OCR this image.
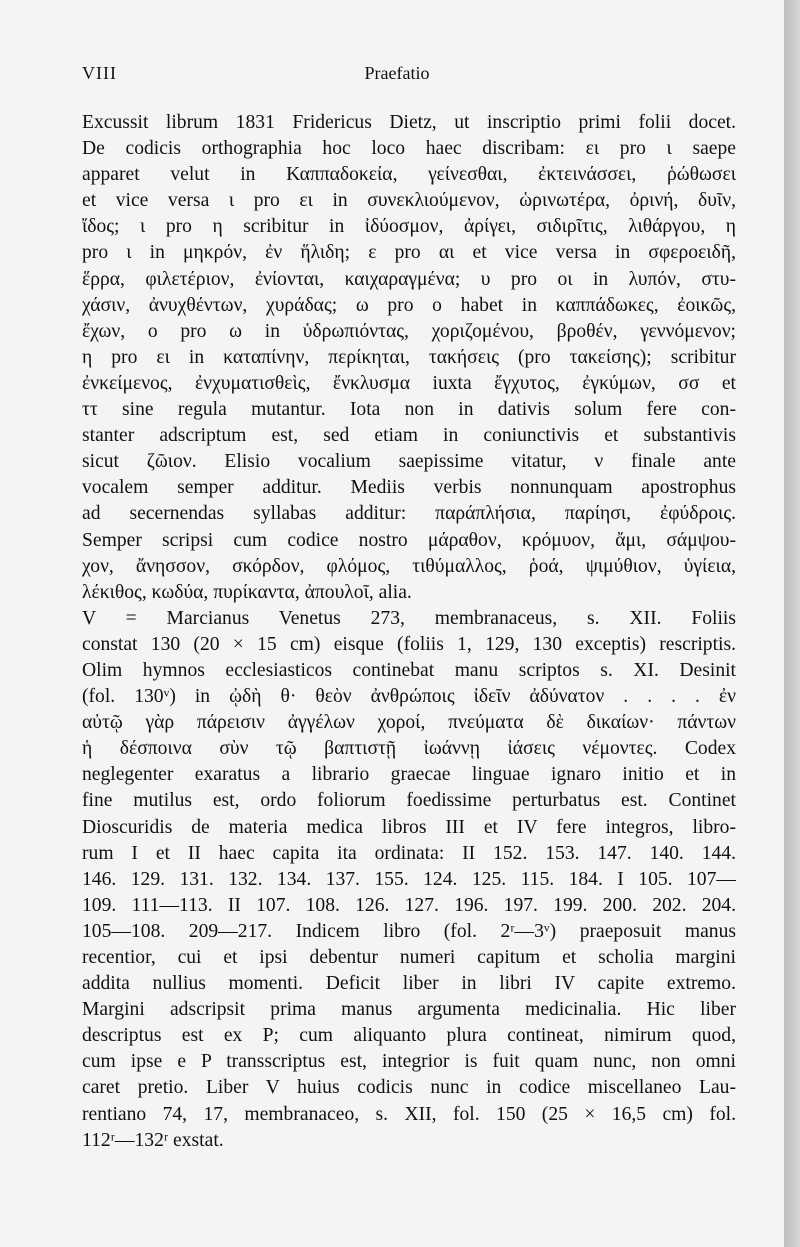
VIII	Praefatio

Excussit librum 1831 Fridericus Dietz, ut inscriptio primi folii docet.

De codicis orthographia hoc loco haec discribam: ει pro ι saepe

apparet velut in Καππαδοκεία, γείνεσθαι, ἐκτεινάσσει, ῥώθωσει

et vice versa ι pro ει in συνεκλιούμενον, ὡρινωτέρα, ὀρινή, δυῖν,

ἴδος; ι pro η scribitur in ἰδύοσμον, ἀρίγει, σιδιρῖτις, λιθάργου, η

pro ι in μηκρόν, ἐν ἥλιδη; ε pro αι et vice versa in σφεροειδῆ,

ἕρρα, φιλετέριον, ἐνίονται, καιχαραγμένα; υ pro οι in λυπόν, στυ-

χάσιν, ἀνυχθέντων, χυράδας; ω pro ο habet in καππάδωκες, ἐοικῶς,

ἔχων, ο pro ω in ὑδρωπιόντας, χοριζομένου, βροθέν, γεννόμενον;

η pro ει in καταπίνην, περίκηται, τακήσεις (pro τακείσης); scribitur

ἐνκείμενος, ἐνχυματισθεὶς, ἔνκλυσμα iuxta ἔγχυτος, ἐγκύμων, σσ et

ττ sine regula mutantur. Iota non in dativis solum fere con-

stanter adscriptum est, sed etiam in coniunctivis et substantivis

sicut ζῶιον. Elisio vocalium saepissime vitatur, ν finale ante

vocalem semper additur. Mediis verbis nonnunquam apostrophus

ad secernendas syllabas additur: παράπλήσια, παρίησι, ἐφύδροις.

Semper scripsi cum codice nostro μάραθον, κρόμυον, ἄμι, σάμψου-

χον, ἄνησσον, σκόρδον, φλόμος, τιθύμαλλος, ῥοά, ψιμύθιον, ὑγίεια,

λέκιθος, κωδύα, πυρίκαντα, ἀπουλοῖ, alia.

V = Marcianus Venetus 273, membranaceus, s. XII. Foliis

constat 130 (20 × 15 cm) eisque (foliis 1, 129, 130 exceptis) rescriptis.

Olim hymnos ecclesiasticos continebat manu scriptos s. XI. Desinit

(fol. 130ᵛ) in ᾠδὴ θ· θεὸν ἀνθρώποις ἰδεῖν ἀδύνατον . . . . ἐν

αὐτῷ γὰρ πάρεισιν ἀγγέλων χοροί, πνεύματα δὲ δικαίων· πάντων

ἡ δέσποινα σὺν τῷ βαπτιστῇ ἰωάννῃ ἰάσεις νέμοντες. Codex

neglegenter exaratus a librario graecae linguae ignaro initio et in

fine mutilus est, ordo foliorum foedissime perturbatus est. Continet

Dioscuridis de materia medica libros III et IV fere integros, libro-

rum I et II haec capita ita ordinata: II 152. 153. 147. 140. 144.

146. 129. 131. 132. 134. 137. 155. 124. 125. 115. 184. I 105. 107—

109. 111—113. II 107. 108. 126. 127. 196. 197. 199. 200. 202. 204.

105—108. 209—217. Indicem libro (fol. 2ʳ—3ᵛ) praeposuit manus

recentior, cui et ipsi debentur numeri capitum et scholia margini

addita nullius momenti. Deficit liber in libri IV capite extremo.

Margini adscripsit prima manus argumenta medicinalia. Hic liber

descriptus est ex P; cum aliquanto plura contineat, nimirum quod,

cum ipse e P transscriptus est, integrior is fuit quam nunc, non omni

caret pretio. Liber V huius codicis nunc in codice miscellaneo Lau-

rentiano 74, 17, membranaceo, s. XII, fol. 150 (25 × 16,5 cm) fol.

112ʳ—132ʳ exstat.
